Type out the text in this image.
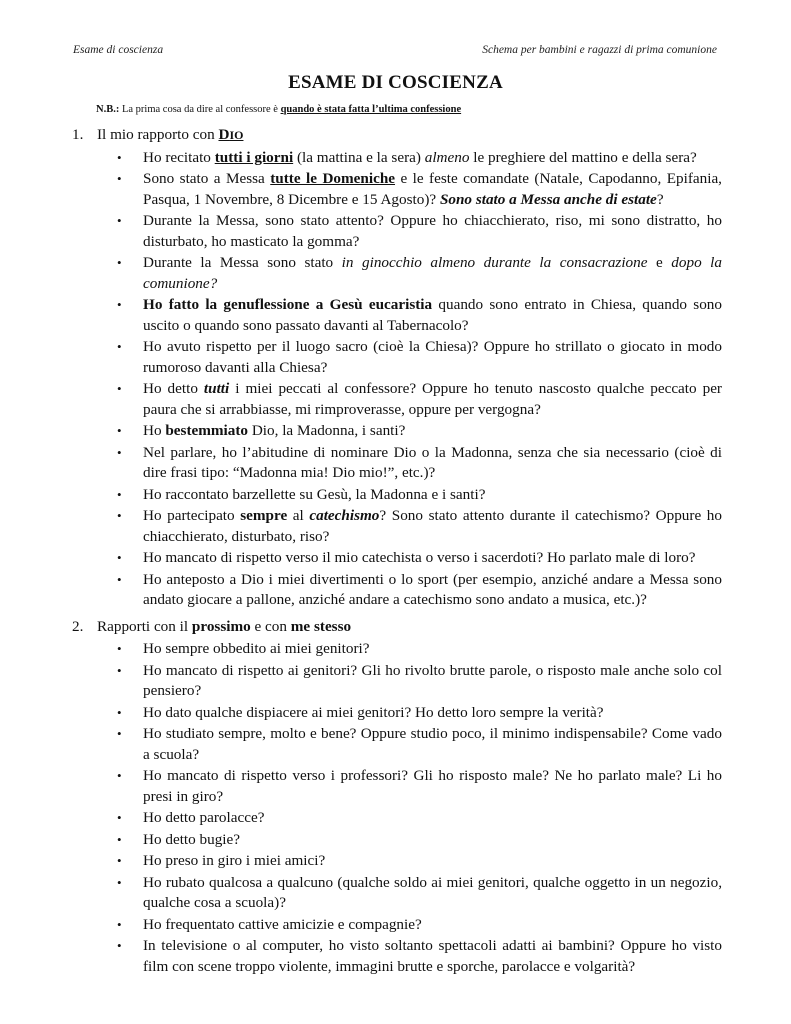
Esame di coscienza	Schema per bambini e ragazzi di prima comunione
ESAME DI COSCIENZA
N.B.: La prima cosa da dire al confessore è quando è stata fatta l’ultima confessione
1. Il mio rapporto con DIO
• Ho recitato tutti i giorni (la mattina e la sera) almeno le preghiere del mattino e della sera?
• Sono stato a Messa tutte le Domeniche e le feste comandate (Natale, Capodanno, Epifania, Pasqua, 1 Novembre, 8 Dicembre e 15 Agosto)? Sono stato a Messa anche di estate?
• Durante la Messa, sono stato attento? Oppure ho chiacchierato, riso, mi sono distratto, ho disturbato, ho masticato la gomma?
• Durante la Messa sono stato in ginocchio almeno durante la consacrazione e dopo la comunione?
• Ho fatto la genuflessione a Gesù eucaristia quando sono entrato in Chiesa, quando sono uscito o quando sono passato davanti al Tabernacolo?
• Ho avuto rispetto per il luogo sacro (cioè la Chiesa)? Oppure ho strillato o giocato in modo rumoroso davanti alla Chiesa?
• Ho detto tutti i miei peccati al confessore? Oppure ho tenuto nascosto qualche peccato per paura che si arrabbiasse, mi rimproverasse, oppure per vergogna?
• Ho bestemmiato Dio, la Madonna, i santi?
• Nel parlare, ho l’abitudine di nominare Dio o la Madonna, senza che sia necessario (cioè di dire frasi tipo: “Madonna mia! Dio mio!”, etc.)?
• Ho raccontato barzellette su Gesù, la Madonna e i santi?
• Ho partecipato sempre al catechismo? Sono stato attento durante il catechismo? Oppure ho chiacchierato, disturbato, riso?
• Ho mancato di rispetto verso il mio catechista o verso i sacerdoti? Ho parlato male di loro?
• Ho anteposto a Dio i miei divertimenti o lo sport (per esempio, anziché andare a Messa sono andato giocare a pallone, anziché andare a catechismo sono andato a musica, etc.)?
2. Rapporti con il prossimo e con me stesso
• Ho sempre obbedito ai miei genitori?
• Ho mancato di rispetto ai genitori? Gli ho rivolto brutte parole, o risposto male anche solo col pensiero?
• Ho dato qualche dispiacere ai miei genitori? Ho detto loro sempre la verità?
• Ho studiato sempre, molto e bene? Oppure studio poco, il minimo indispensabile? Come vado a scuola?
• Ho mancato di rispetto verso i professori? Gli ho risposto male? Ne ho parlato male? Li ho presi in giro?
• Ho detto parolacce?
• Ho detto bugie?
• Ho preso in giro i miei amici?
• Ho rubato qualcosa a qualcuno (qualche soldo ai miei genitori, qualche oggetto in un negozio, qualche cosa a scuola)?
• Ho frequentato cattive amicizie e compagnie?
• In televisione o al computer, ho visto soltanto spettacoli adatti ai bambini? Oppure ho visto film con scene troppo violente, immagini brutte e sporche, parolacce e volgarità?
